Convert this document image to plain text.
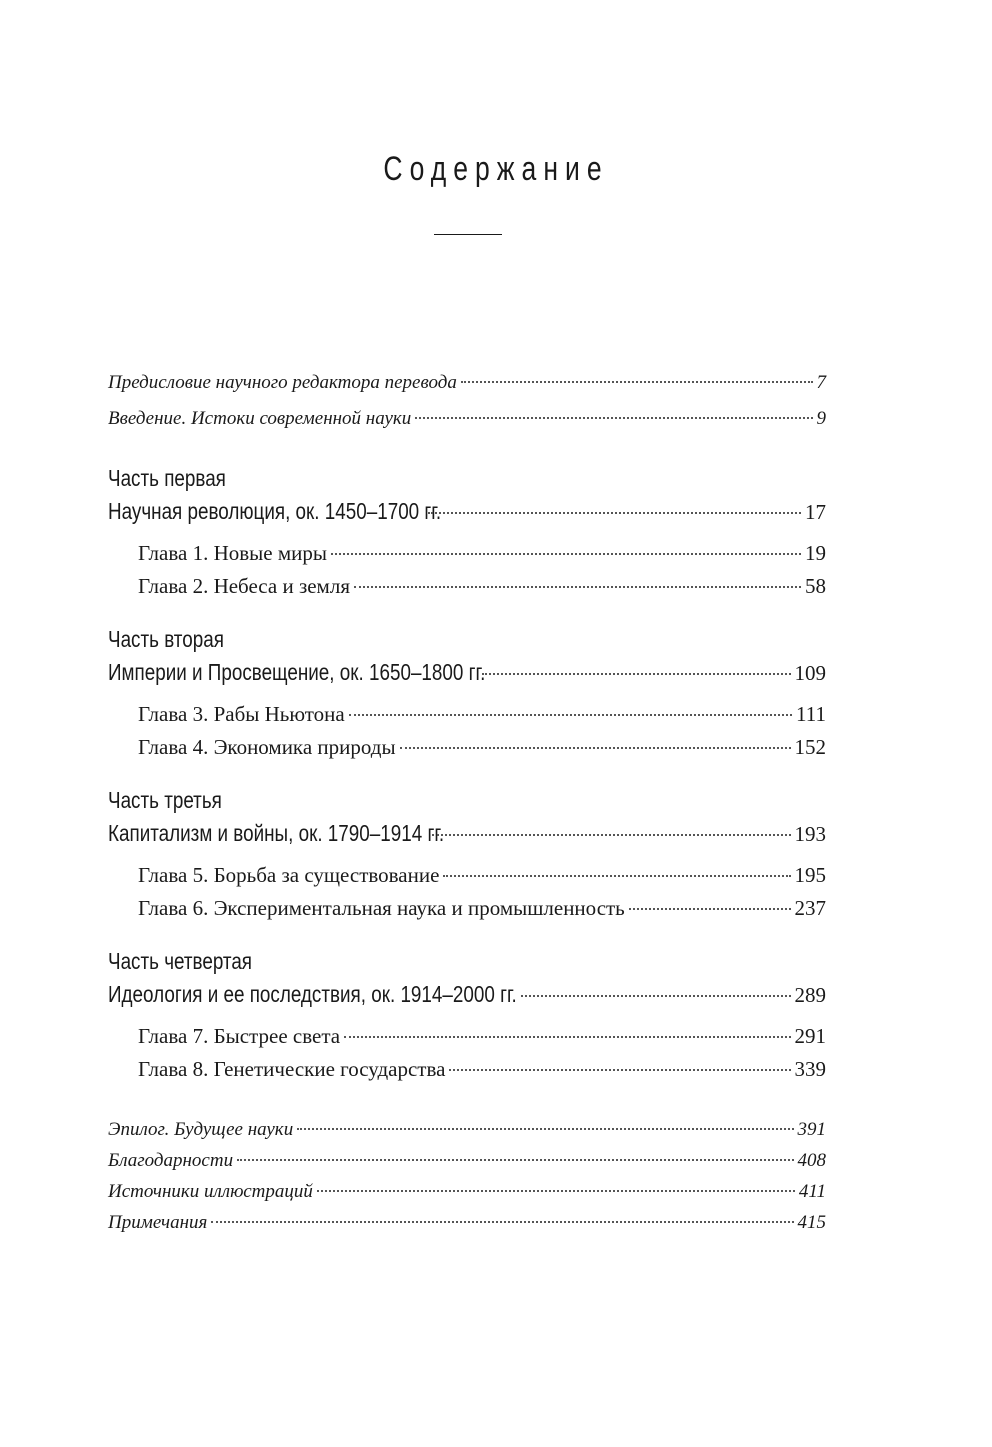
Содержание
Предисловие научного редактора перевода	7
Введение. Истоки современной науки	9
Часть первая
Научная революция, ок. 1450–1700 гг.	17
Глава 1. Новые миры	19
Глава 2. Небеса и земля	58
Часть вторая
Империи и Просвещение, ок. 1650–1800 гг.	109
Глава 3. Рабы Ньютона	111
Глава 4. Экономика природы	152
Часть третья
Капитализм и войны, ок. 1790–1914 гг.	193
Глава 5. Борьба за существование	195
Глава 6. Экспериментальная наука и промышленность	237
Часть четвертая
Идеология и ее последствия, ок. 1914–2000 гг.	289
Глава 7. Быстрее света	291
Глава 8. Генетические государства	339
Эпилог. Будущее науки	391
Благодарности	408
Источники иллюстраций	411
Примечания	415
